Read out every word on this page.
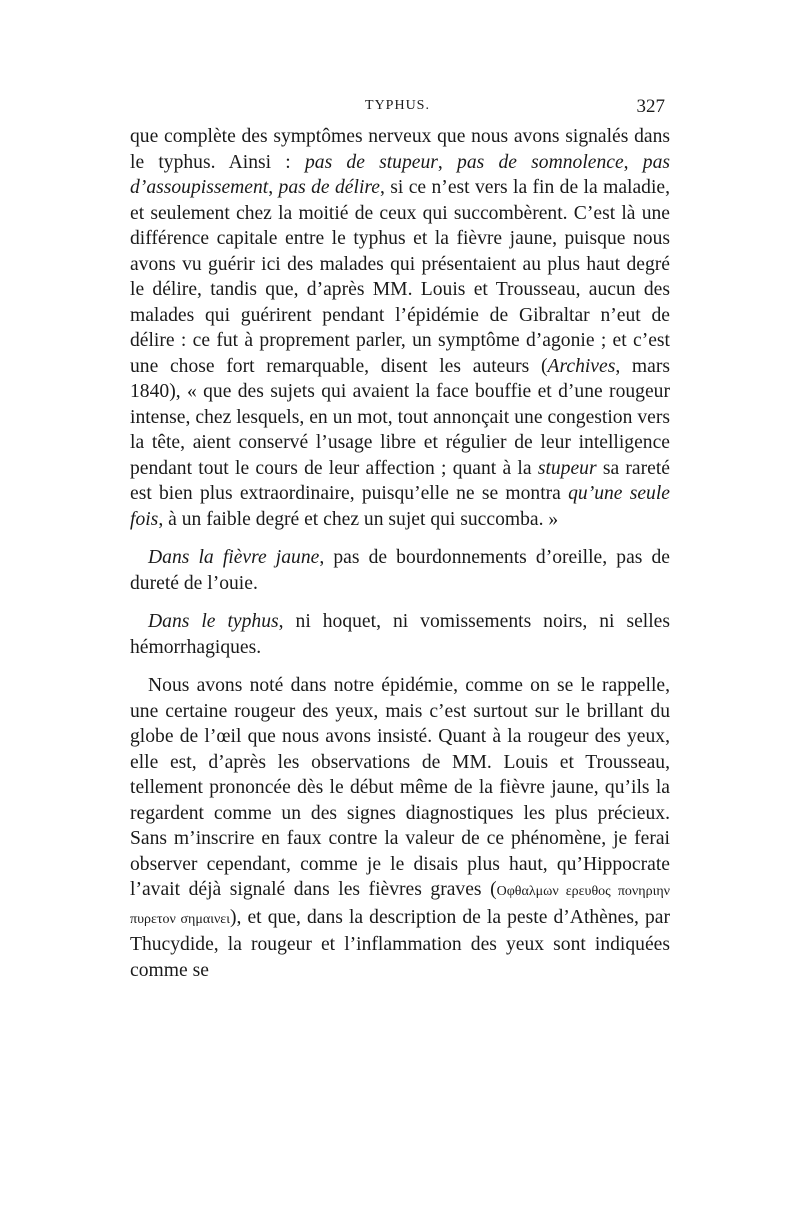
TYPHUS.	327

que complète des symptômes nerveux que nous avons signalés dans le typhus. Ainsi : pas de stupeur, pas de somnolence, pas d’assoupissement, pas de délire, si ce n’est vers la fin de la maladie, et seulement chez la moitié de ceux qui succombèrent. C’est là une différence capitale entre le typhus et la fièvre jaune, puisque nous avons vu guérir ici des malades qui présentaient au plus haut degré le délire, tandis que, d’après MM. Louis et Trousseau, aucun des malades qui guérirent pendant l’épidémie de Gibraltar n’eut de délire : ce fut à proprement parler, un symptôme d’agonie ; et c’est une chose fort remarquable, disent les auteurs (Archives, mars 1840), « que des sujets qui avaient la face bouffie et d’une rougeur intense, chez lesquels, en un mot, tout annonçait une congestion vers la tête, aient conservé l’usage libre et régulier de leur intelligence pendant tout le cours de leur affection ; quant à la stupeur sa rareté est bien plus extraordinaire, puisqu’elle ne se montra qu’une seule fois, à un faible degré et chez un sujet qui succomba. »

Dans la fièvre jaune, pas de bourdonnements d’oreille, pas de dureté de l’ouie.

Dans le typhus, ni hoquet, ni vomissements noirs, ni selles hémorrhagiques.

Nous avons noté dans notre épidémie, comme on se le rappelle, une certaine rougeur des yeux, mais c’est surtout sur le brillant du globe de l’œil que nous avons insisté. Quant à la rougeur des yeux, elle est, d’après les observations de MM. Louis et Trousseau, tellement prononcée dès le début même de la fièvre jaune, qu’ils la regardent comme un des signes diagnostiques les plus précieux. Sans m’inscrire en faux contre la valeur de ce phénomène, je ferai observer cependant, comme je le disais plus haut, qu’Hippocrate l’avait déjà signalé dans les fièvres graves (Οφθαλμων ερευθος πονηριην πυρετον σημαινει), et que, dans la description de la peste d’Athènes, par Thucydide, la rougeur et l’inflammation des yeux sont indiquées comme se
